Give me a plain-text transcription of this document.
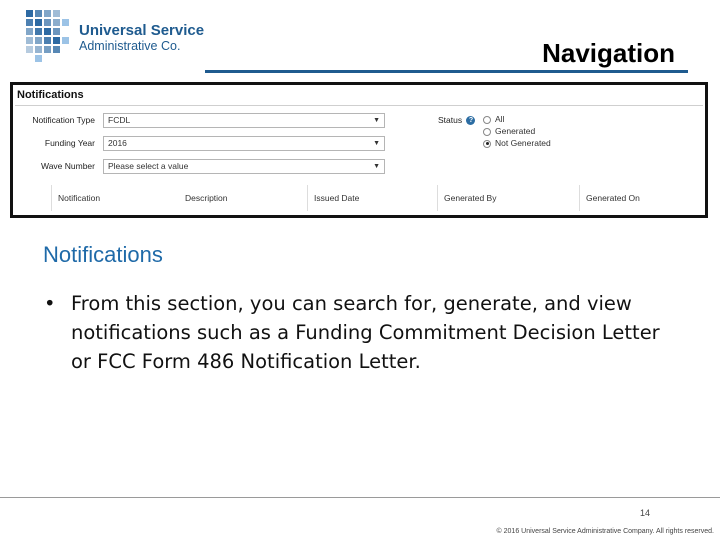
Universal Service
Administrative Co.	Navigation
Notifications
Notification Type	FCDL	▼
Funding Year	2016	▼
Wave Number	Please select a value	▼
Status ?	All
Generated
Not Generated
Notification	Description	Issued Date	Generated By	Generated On
Notifications
• From this section, you can search for, generate, and view notifications such as a Funding Commitment Decision Letter or FCC Form 486 Notification Letter.
14
© 2016 Universal Service Administrative Company. All rights reserved.
